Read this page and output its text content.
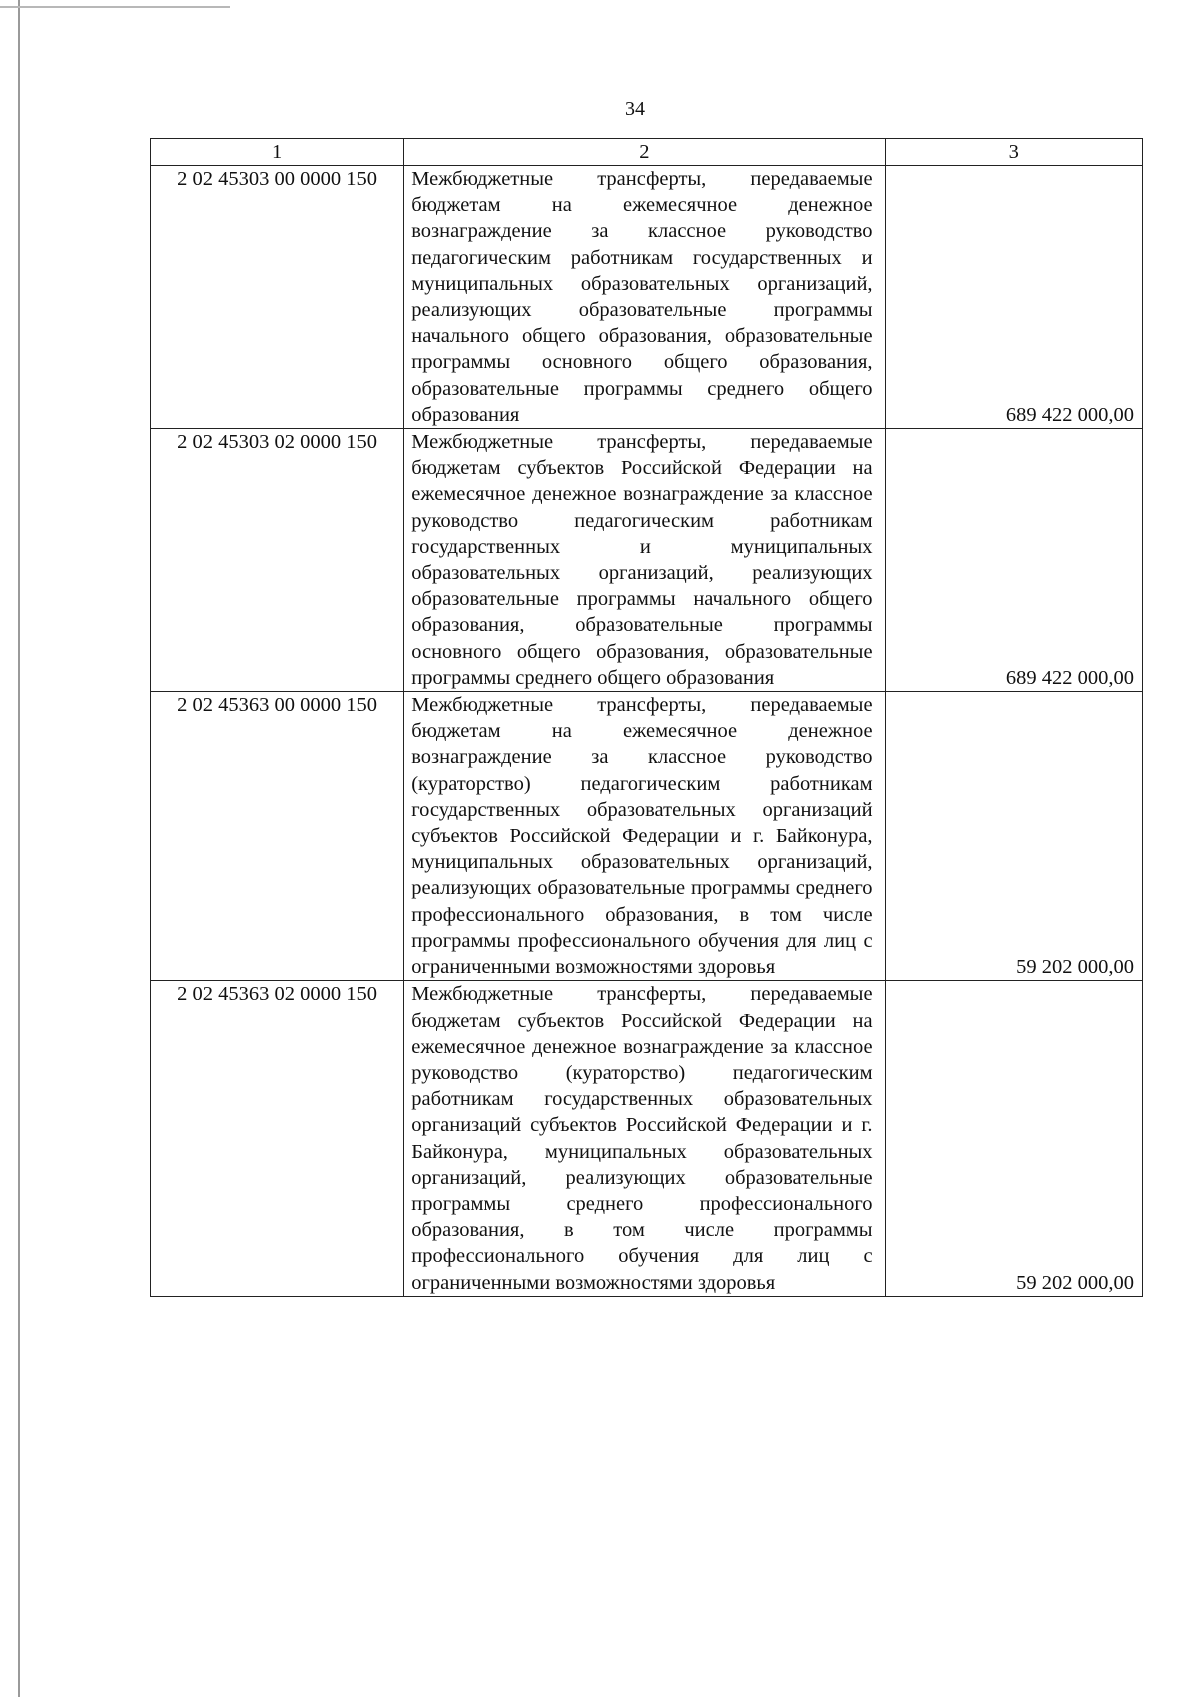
34
1	2	3
2 02 45303 00 0000 150	Межбюджетные трансферты, передаваемые бюджетам на ежемесячное денежное вознаграждение за классное руководство педагогическим работникам государственных и муниципальных образовательных организаций, реализующих образовательные программы начального общего образования, образовательные программы основного общего образования, образовательные программы среднего общего образования	689 422 000,00
2 02 45303 02 0000 150	Межбюджетные трансферты, передаваемые бюджетам субъектов Российской Федерации на ежемесячное денежное вознаграждение за классное руководство педагогическим работникам государственных и муниципальных образовательных организаций, реализующих образовательные программы начального общего образования, образовательные программы основного общего образования, образовательные программы среднего общего образования	689 422 000,00
2 02 45363 00 0000 150	Межбюджетные трансферты, передаваемые бюджетам на ежемесячное денежное вознаграждение за классное руководство (кураторство) педагогическим работникам государственных образовательных организаций субъектов Российской Федерации и г. Байконура, муниципальных образовательных организаций, реализующих образовательные программы среднего профессионального образования, в том числе программы профессионального обучения для лиц с ограниченными возможностями здоровья	59 202 000,00
2 02 45363 02 0000 150	Межбюджетные трансферты, передаваемые бюджетам субъектов Российской Федерации на ежемесячное денежное вознаграждение за классное руководство (кураторство) педагогическим работникам государственных образовательных организаций субъектов Российской Федерации и г. Байконура, муниципальных образовательных организаций, реализующих образовательные программы среднего профессионального образования, в том числе программы профессионального обучения для лиц с ограниченными возможностями здоровья	59 202 000,00
